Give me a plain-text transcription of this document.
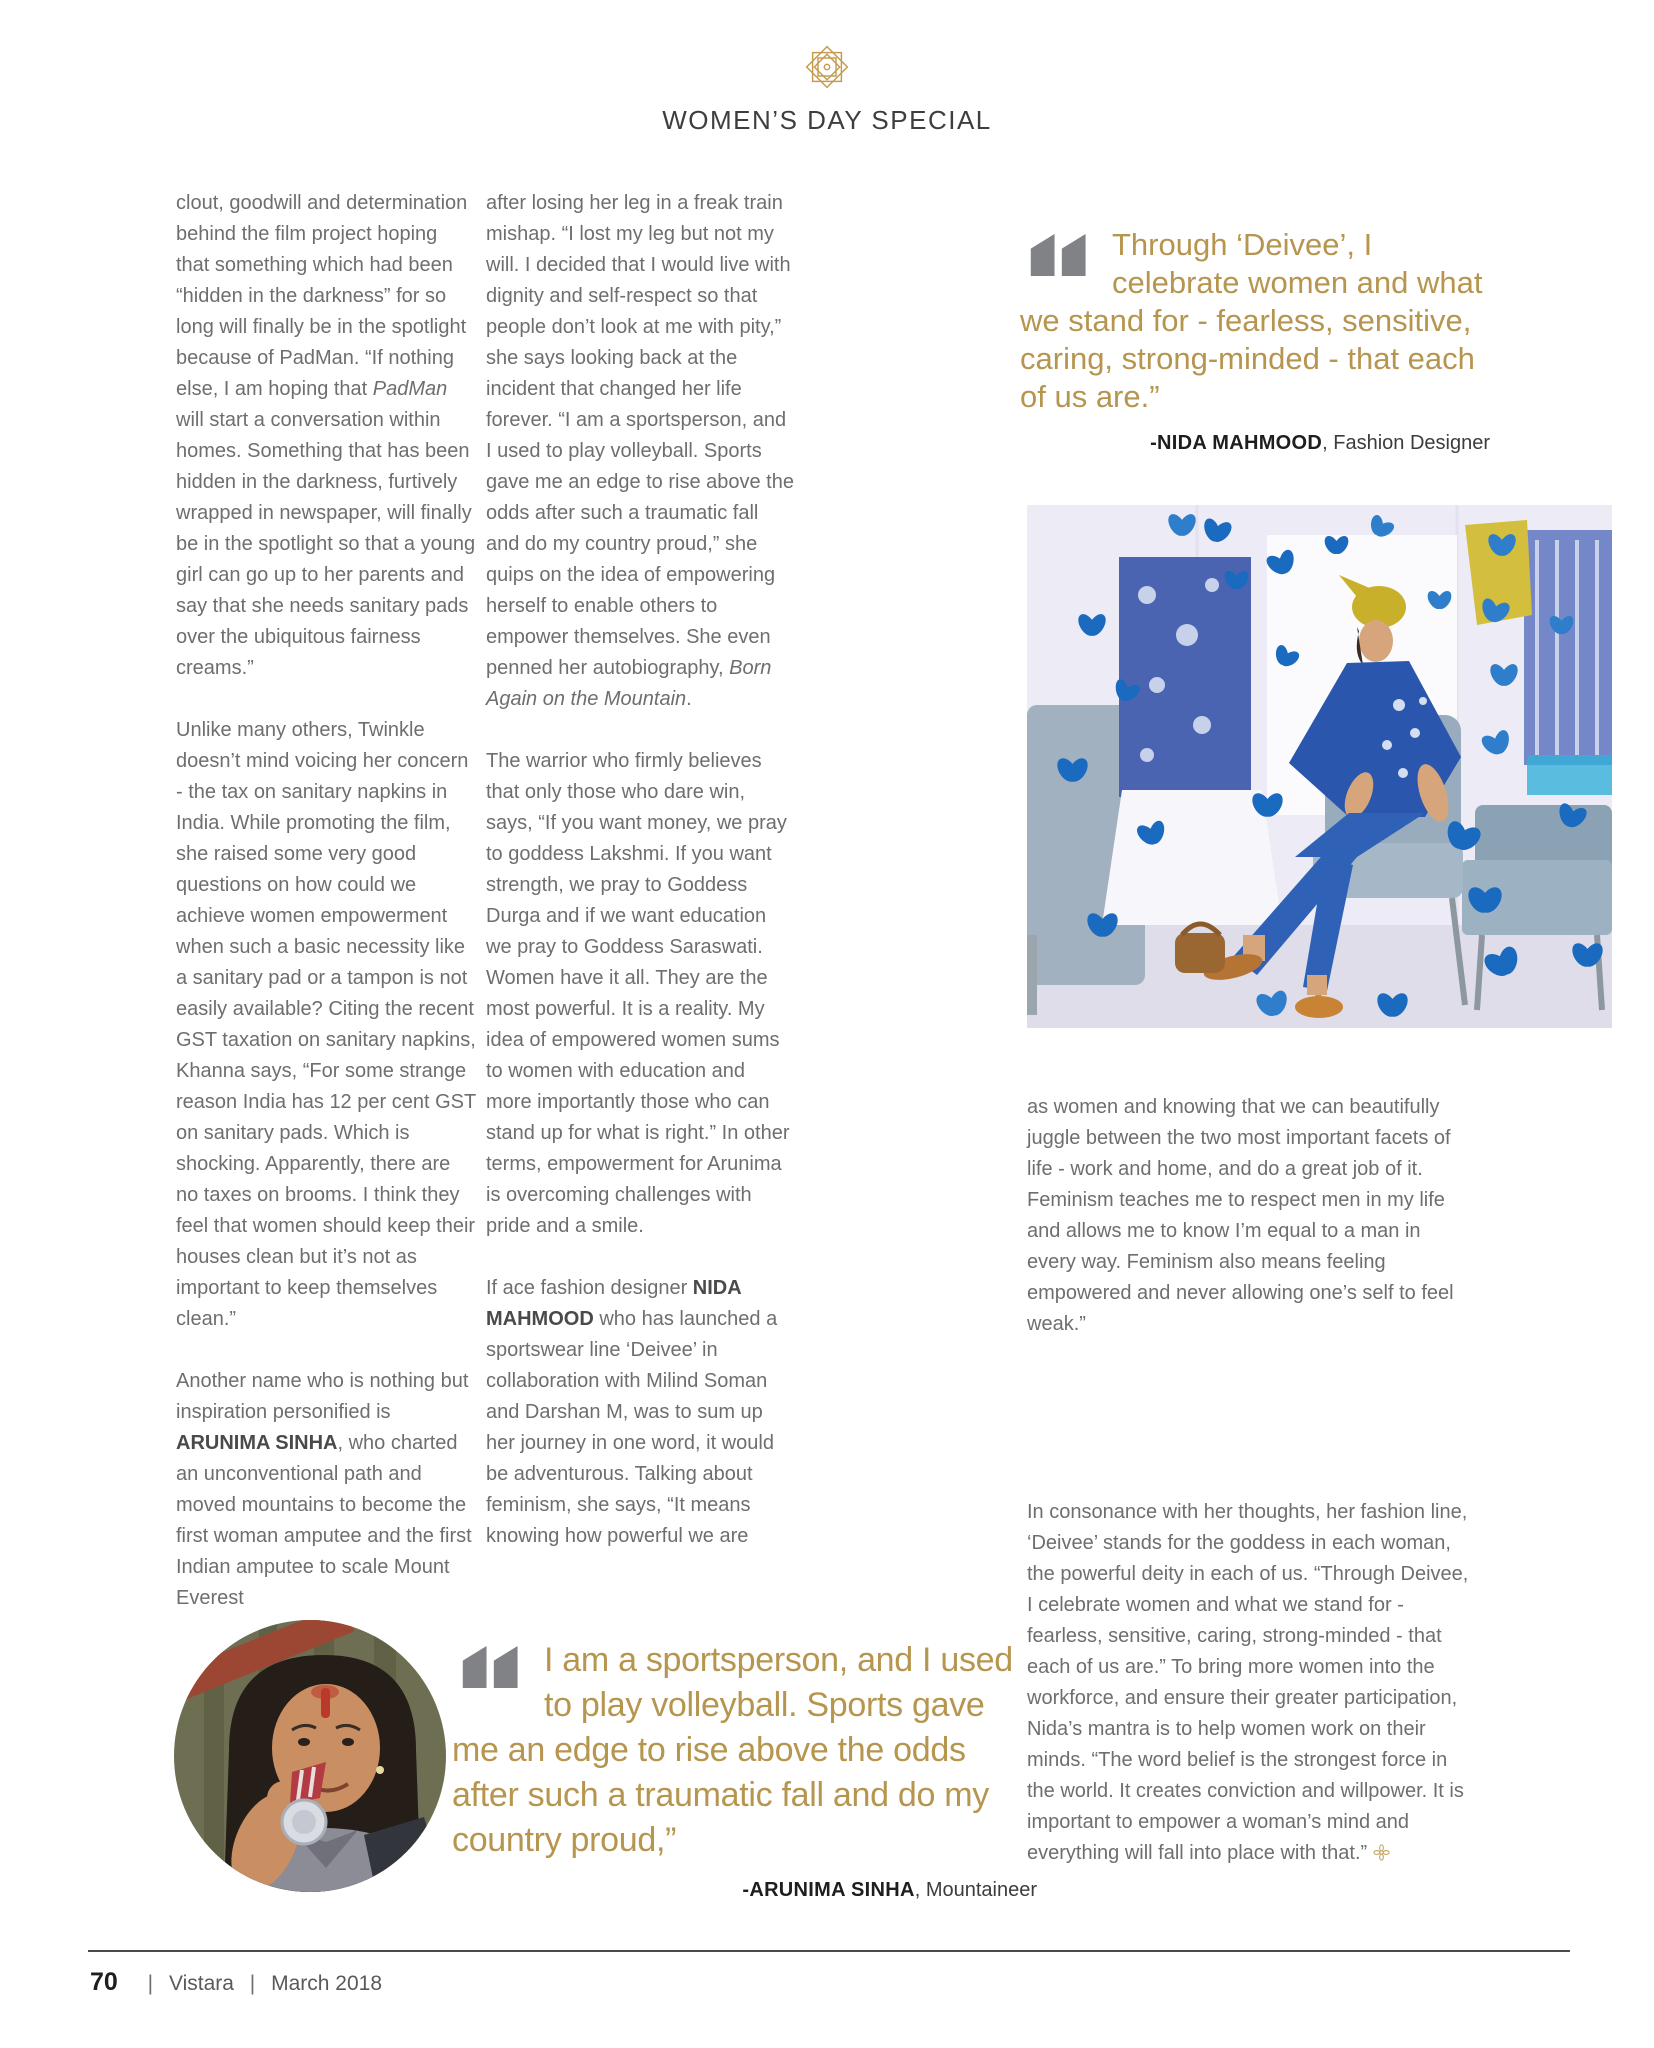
WOMEN’S DAY SPECIAL

clout, goodwill and determination behind the film project hoping that something which had been “hidden in the darkness” for so long will finally be in the spotlight because of PadMan. “If nothing else, I am hoping that PadMan will start a conversation within homes. Something that has been hidden in the darkness, furtively wrapped in newspaper, will finally be in the spotlight so that a young girl can go up to her parents and say that she needs sanitary pads over the ubiquitous fairness creams.”

Unlike many others, Twinkle doesn’t mind voicing her concern - the tax on sanitary napkins in India. While promoting the film, she raised some very good questions on how could we achieve women empowerment when such a basic necessity like a sanitary pad or a tampon is not easily available? Citing the recent GST taxation on sanitary napkins, Khanna says, “For some strange reason India has 12 per cent GST on sanitary pads. Which is shocking. Apparently, there are no taxes on brooms. I think they feel that women should keep their houses clean but it’s not as important to keep themselves clean.”

Another name who is nothing but inspiration personified is ARUNIMA SINHA, who charted an unconventional path and moved mountains to become the first woman amputee and the first Indian amputee to scale Mount Everest

after losing her leg in a freak train mishap. “I lost my leg but not my will. I decided that I would live with dignity and self-respect so that people don’t look at me with pity,” she says looking back at the incident that changed her life forever. “I am a sportsperson, and I used to play volleyball. Sports gave me an edge to rise above the odds after such a traumatic fall and do my country proud,” she quips on the idea of empowering herself to enable others to empower themselves. She even penned her autobiography, Born Again on the Mountain.

The warrior who firmly believes that only those who dare win, says, “If you want money, we pray to goddess Lakshmi. If you want strength, we pray to Goddess Durga and if we want education we pray to Goddess Saraswati. Women have it all. They are the most powerful. It is a reality. My idea of empowered women sums to women with education and more importantly those who can stand up for what is right.” In other terms, empowerment for Arunima is overcoming challenges with pride and a smile.

If ace fashion designer NIDA MAHMOOD who has launched a sportswear line ‘Deivee’ in collaboration with Milind Soman and Darshan M, was to sum up her journey in one word, it would be adventurous. Talking about feminism, she says, “It means knowing how powerful we are

Through ‘Deivee’, I celebrate women and what we stand for - fearless, sensitive, caring, strong-minded - that each of us are.”
-NIDA MAHMOOD, Fashion Designer
as women and knowing that we can beautifully juggle between the two most important facets of life - work and home, and do a great job of it. Feminism teaches me to respect men in my life and allows me to know I’m equal to a man in every way. Feminism also means feeling empowered and never allowing one’s self to feel weak.”
In consonance with her thoughts, her fashion line, ‘Deivee’ stands for the goddess in each woman, the powerful deity in each of us. “Through Deivee, I celebrate women and what we stand for - fearless, sensitive, caring, strong-minded - that each of us are.” To bring more women into the workforce, and ensure their greater participation, Nida’s mantra is to help women work on their minds. “The word belief is the strongest force in the world. It creates conviction and willpower. It is important to empower a woman’s mind and everything will fall into place with that.”
I am a sportsperson, and I used to play volleyball. Sports gave me an edge to rise above the odds after such a traumatic fall and do my country proud,”
-ARUNIMA SINHA, Mountaineer
70 | Vistara | March 2018
